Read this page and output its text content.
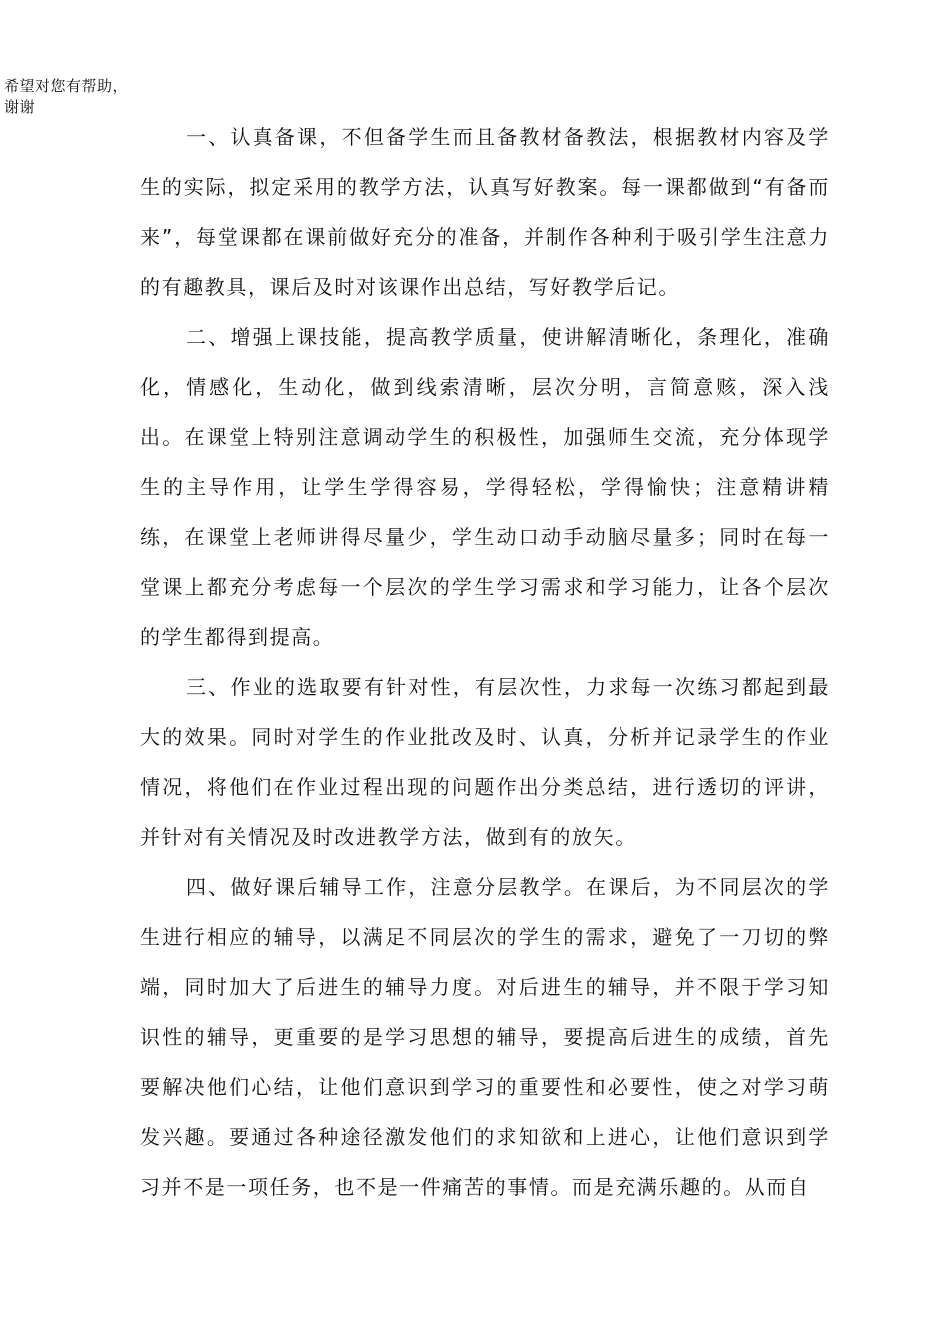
希望对您有帮助，
谢谢

一、认真备课，不但备学生而且备教材备教法，根据教材内容及学生的实际，拟定采用的教学方法，认真写好教案。每一课都做到“有备而来”，每堂课都在课前做好充分的准备，并制作各种利于吸引学生注意力的有趣教具，课后及时对该课作出总结，写好教学后记。

二、增强上课技能，提高教学质量，使讲解清晰化，条理化，准确化，情感化，生动化，做到线索清晰，层次分明，言简意赅，深入浅出。在课堂上特别注意调动学生的积极性，加强师生交流，充分体现学生的主导作用，让学生学得容易，学得轻松，学得愉快；注意精讲精练，在课堂上老师讲得尽量少，学生动口动手动脑尽量多；同时在每一堂课上都充分考虑每一个层次的学生学习需求和学习能力，让各个层次的学生都得到提高。

三、作业的选取要有针对性，有层次性，力求每一次练习都起到最大的效果。同时对学生的作业批改及时、认真，分析并记录学生的作业情况，将他们在作业过程出现的问题作出分类总结，进行透切的评讲，并针对有关情况及时改进教学方法，做到有的放矢。

四、做好课后辅导工作，注意分层教学。在课后，为不同层次的学生进行相应的辅导，以满足不同层次的学生的需求，避免了一刀切的弊端，同时加大了后进生的辅导力度。对后进生的辅导，并不限于学习知识性的辅导，更重要的是学习思想的辅导，要提高后进生的成绩，首先要解决他们心结，让他们意识到学习的重要性和必要性，使之对学习萌发兴趣。要通过各种途径激发他们的求知欲和上进心，让他们意识到学习并不是一项任务，也不是一件痛苦的事情。而是充满乐趣的。从而自
